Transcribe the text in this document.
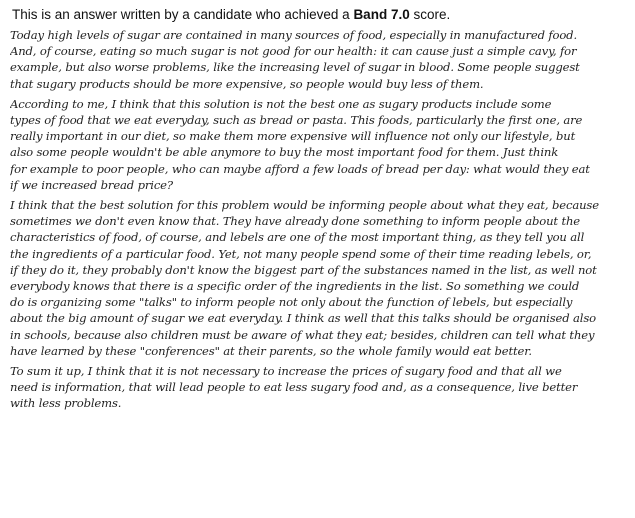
This is an answer written by a candidate who achieved a Band 7.0 score.
Today high levels of sugar are contained in many sources of food, especially in manufactured food.
And, of course, eating so much sugar is not good for our health: it can cause just a simple cavy, for
example, but also worse problems, like the increasing level of sugar in blood. Some people suggest
that sugary products should be more expensive, so people would buy less of them.
According to me, I think that this solution is not the best one as sugary products include some
types of food that we eat everyday, such as bread or pasta. This foods, particularly the first one, are
really important in our diet, so make them more expensive will influence not only our lifestyle, but
also some people wouldn't be able anymore to buy the most important food for them. Just think
for example to poor people, who can maybe afford a few loads of bread per day: what would they eat
if we increased bread price?
I think that the best solution for this problem would be informing people about what they eat, because
sometimes we don't even know that. They have already done something to inform people about the
characteristics of food, of course, and lebels are one of the most important thing, as they tell you all
the ingredients of a particular food. Yet, not many people spend some of their time reading lebels, or,
if they do it, they probably don't know the biggest part of the substances named in the list, as well not
everybody knows that there is a specific order of the ingredients in the list. So something we could
do is organizing some "talks" to inform people not only about the function of lebels, but especially
about the big amount of sugar we eat everyday. I think as well that this talks should be organised also
in schools, because also children must be aware of what they eat; besides, children can tell what they
have learned by these "conferences" at their parents, so the whole family would eat better.
To sum it up, I think that it is not necessary to increase the prices of sugary food and that all we
need is information, that will lead people to eat less sugary food and, as a consequence, live better
with less problems.
